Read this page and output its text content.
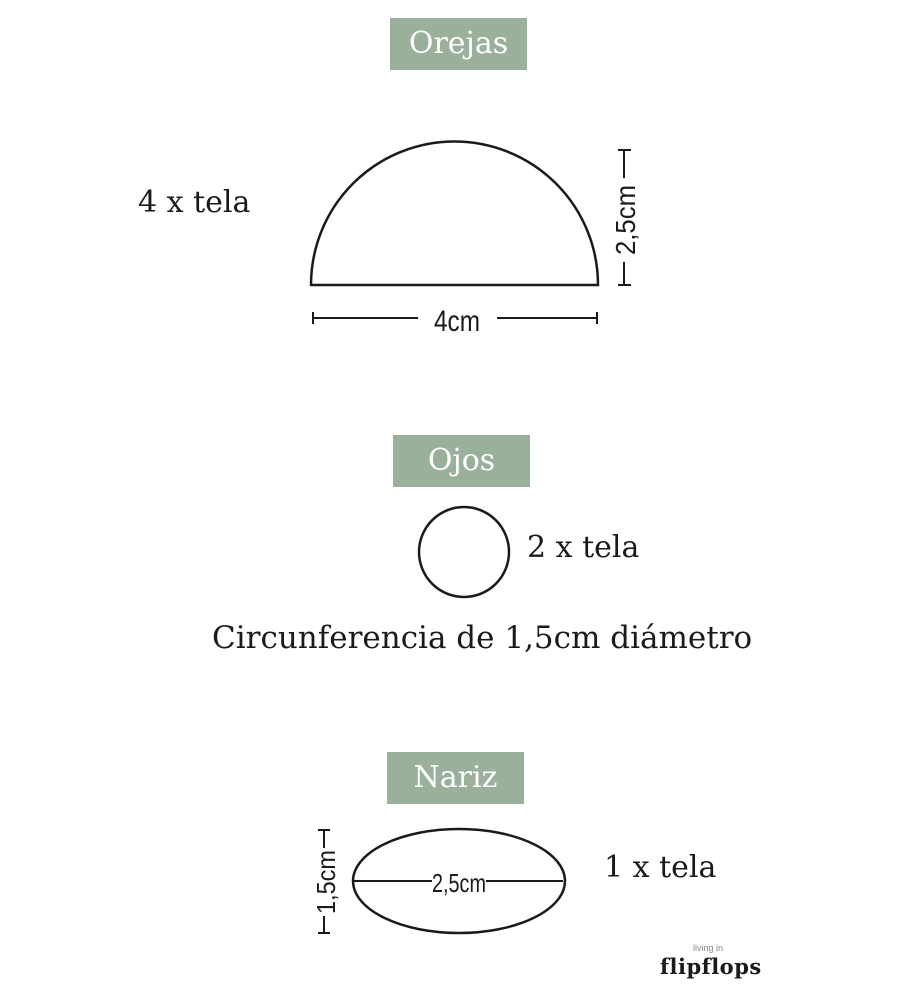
Orejas
4 x tela
Ojos
2 x tela
Circunferencia de 1,5cm diámetro
Nariz
1 x tela
4cm
2,5cm
2,5cm
1,5cm
living in
flipflops
